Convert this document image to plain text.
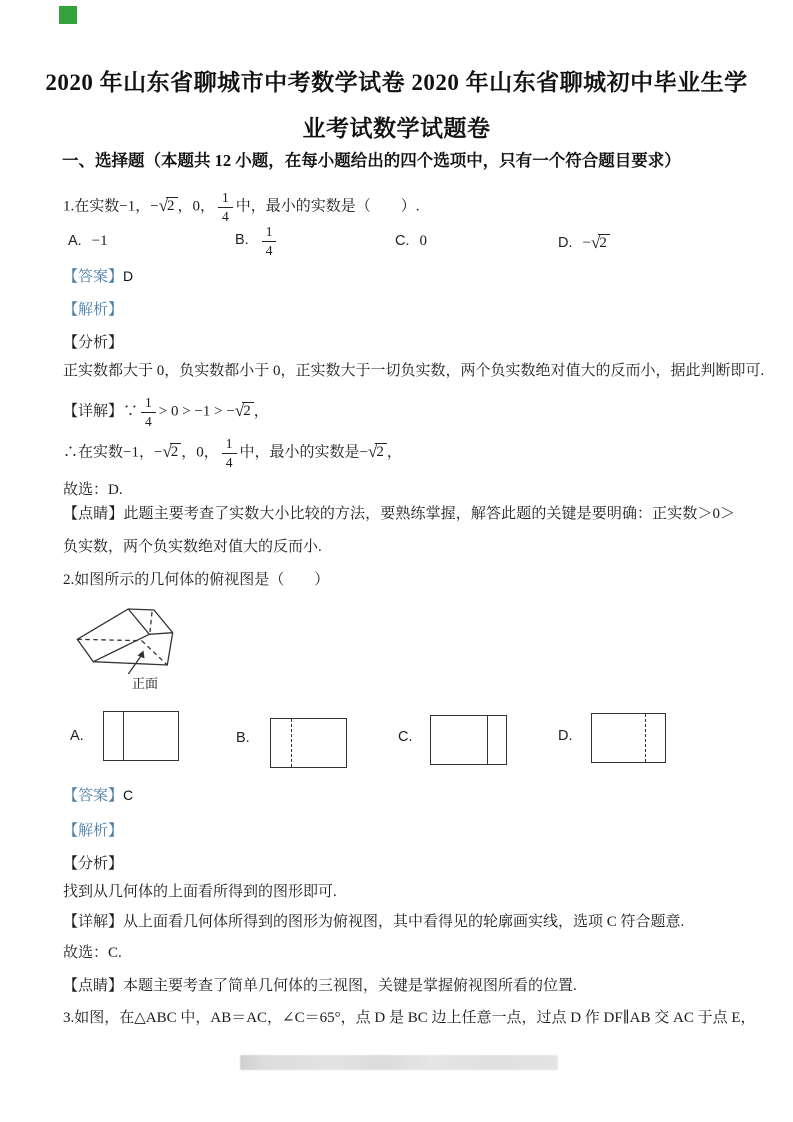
2020 年山东省聊城市中考数学试卷 2020 年山东省聊城初中毕业生学
业考试数学试题卷
一、选择题（本题共 12 小题，在每小题给出的四个选项中，只有一个符合题目要求）
1.在实数−1，−√2 ，0， $\frac{1}{4}$ 中，最小的实数是（　　）.
A. −1	B. $\frac{1}{4}$	C. 0	D. −√2
【答案】D
【解析】
【分析】
正实数都大于 0，负实数都小于 0，正实数大于一切负实数，两个负实数绝对值大的反而小，据此判断即可.
【详解】∵ $\frac{1}{4} > 0 > -1 > -√2$ ，
∴在实数−1，−√2 ，0， $\frac{1}{4}$ 中，最小的实数是−√2 ，
故选：D.
【点睛】此题主要考查了实数大小比较的方法，要熟练掌握，解答此题的关键是要明确：正实数＞0＞负实数，两个负实数绝对值大的反而小.
2.如图所示的几何体的俯视图是（　　）
正面
A.	B.	C.	D.
【答案】C
【解析】
【分析】
找到从几何体的上面看所得到的图形即可.
【详解】从上面看几何体所得到的图形为俯视图，其中看得见的轮廓画实线，选项 C 符合题意.
故选：C.
【点睛】本题主要考查了简单几何体的三视图，关键是掌握俯视图所看的位置.
3.如图，在△ABC 中，AB＝AC，∠C＝65°，点 D 是 BC 边上任意一点，过点 D 作 DF∥AB 交 AC 于点 E，
